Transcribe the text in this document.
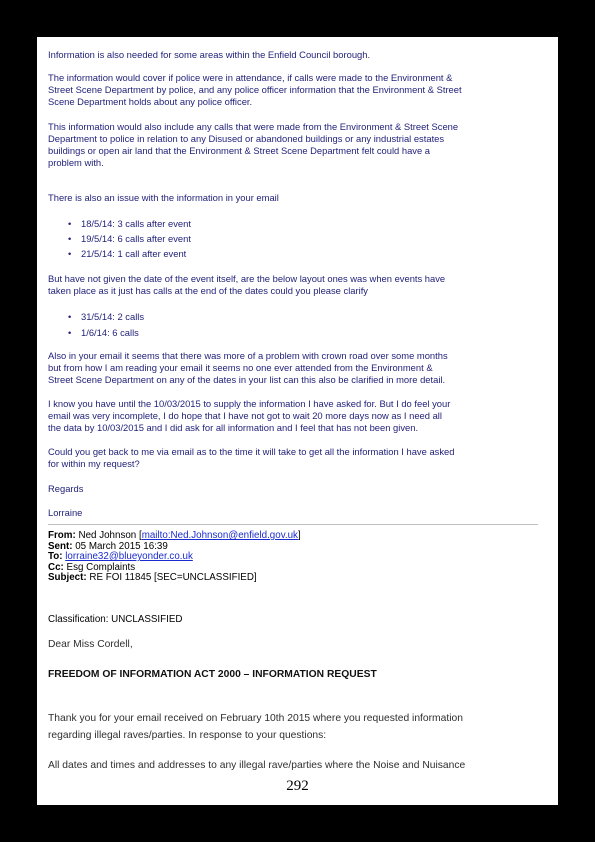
Information is also needed for some areas within the Enfield Council borough.

The information would cover if police were in attendance, if calls were made to the Environment &

Street Scene Department by police, and any police officer information that the Environment & Street

Scene Department holds about any police officer.

This information would also include any calls that were made from the Environment & Street Scene

Department to police in relation to any Disused or abandoned buildings or any industrial estates

buildings or open air land that the Environment & Street Scene Department felt could have a

problem with.

There is also an issue with the information in your email

• 18/5/14: 3 calls after event
• 19/5/14: 6 calls after event
• 21/5/14: 1 call after event

But have not given the date of the event itself, are the below layout ones was when events have

taken place as it just has calls at the end of the dates could you please clarify

• 31/5/14: 2 calls
• 1/6/14: 6 calls

Also in your email it seems that there was more of a problem with crown road over some months

but from how I am reading your email it seems no one ever attended from the Environment &

Street Scene Department on any of the dates in your list can this also be clarified in more detail.

I know you have until the 10/03/2015 to supply the information I have asked for. But I do feel your

email was very incomplete, I do hope that I have not got to wait 20 more days now as I need all

the data by 10/03/2015 and I did ask for all information and I feel that has not been given.

Could you get back to me via email as to the time it will take to get all the information I have asked

for within my request?

Regards

Lorraine

From: Ned Johnson [mailto:Ned.Johnson@enfield.gov.uk]
Sent: 05 March 2015 16:39
To: lorraine32@blueyonder.co.uk
Cc: Esg Complaints
Subject: RE FOI 11845 [SEC=UNCLASSIFIED]

Classification: UNCLASSIFIED

Dear Miss Cordell,

FREEDOM OF INFORMATION ACT 2000 – INFORMATION REQUEST

Thank you for your email received on February 10th 2015 where you requested information

regarding illegal raves/parties. In response to your questions:

All dates and times and addresses to any illegal rave/parties where the Noise and Nuisance

292
